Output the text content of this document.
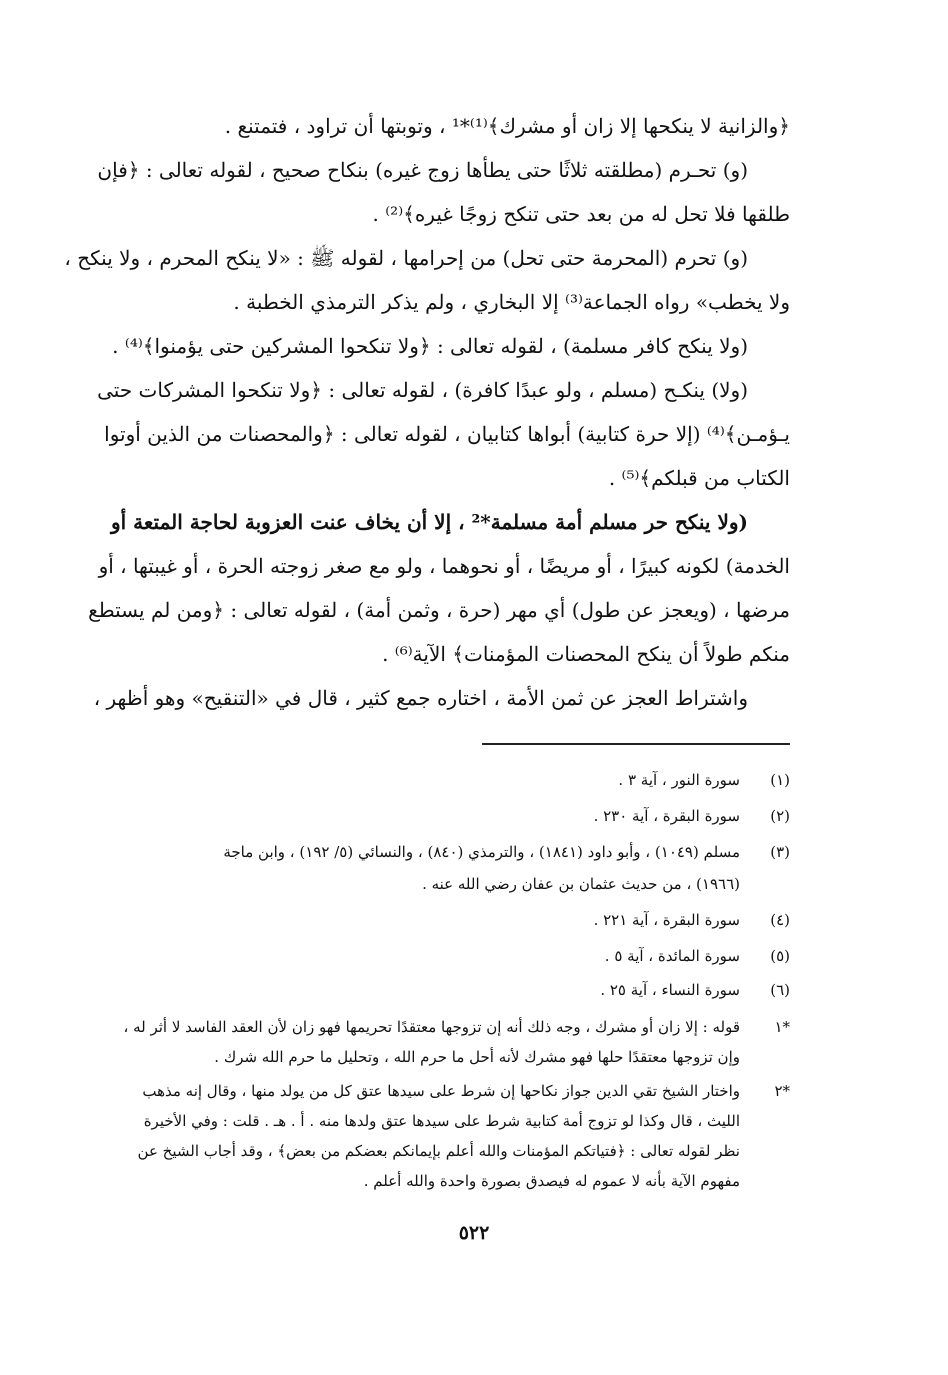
﴿والزانية لا ينكحها إلا زان أو مشرك﴾⁽¹⁾*¹ ، وتوبتها أن تراود ، فتمتنع .
(و) تحـرم (مطلقته ثلاثًا حتى يطأها زوج غيره) بنكاح صحيح ، لقوله تعالى : ﴿فإن
طلقها فلا تحل له من بعد حتى تنكح زوجًا غيره﴾⁽²⁾ .
(و) تحرم (المحرمة حتى تحل) من إحرامها ، لقوله ﷺ : «لا ينكح المحرم ، ولا ينكح ،
ولا يخطب» رواه الجماعة⁽³⁾ إلا البخاري ، ولم يذكر الترمذي الخطبة .
(ولا ينكح كافر مسلمة) ، لقوله تعالى : ﴿ولا تنكحوا المشركين حتى يؤمنوا﴾⁽⁴⁾ .
(ولا) ينكـح (مسلم ، ولو عبدًا كافرة) ، لقوله تعالى : ﴿ولا تنكحوا المشركات حتى
يـؤمـن﴾⁽⁴⁾ (إلا حرة كتابية) أبواها كتابيان ، لقوله تعالى : ﴿والمحصنات من الذين أوتوا
الكتاب من قبلكم﴾⁽⁵⁾ .
(ولا ينكح حر مسلم أمة مسلمة*² ، إلا أن يخاف عنت العزوبة لحاجة المتعة أو
الخدمة) لكونه كبيرًا ، أو مريضًا ، أو نحوهما ، ولو مع صغر زوجته الحرة ، أو غيبتها ، أو
مرضها ، (ويعجز عن طول) أي مهر (حرة ، وثمن أمة) ، لقوله تعالى : ﴿ومن لم يستطع
منكم طولاً أن ينكح المحصنات المؤمنات﴾ الآية⁽⁶⁾ .
واشتراط العجز عن ثمن الأمة ، اختاره جمع كثير ، قال في «التنقيح» وهو أظهر ،
(١)سورة النور ، آية ٣ .
(٢)سورة البقرة ، آية ٢٣٠ .
(٣)مسلم (١٠٤٩) ، وأبو داود (١٨٤١) ، والترمذي (٨٤٠) ، والنسائي (٥/ ١٩٢) ، وابن ماجة
(١٩٦٦) ، من حديث عثمان بن عفان رضي الله عنه .
(٤)سورة البقرة ، آية ٢٢١ .
(٥)سورة المائدة ، آية ٥ .
(٦)سورة النساء ، آية ٢٥ .
*١قوله : إلا زان أو مشرك ، وجه ذلك أنه إن تزوجها معتقدًا تحريمها فهو زان لأن العقد الفاسد لا أثر له ،
وإن تزوجها معتقدًا حلها فهو مشرك لأنه أحل ما حرم الله ، وتحليل ما حرم الله شرك .
*٢واختار الشيخ تقي الدين جواز نكاحها إن شرط على سيدها عتق كل من يولد منها ، وقال إنه مذهب
الليث ، قال وكذا لو تزوج أمة كتابية شرط على سيدها عتق ولدها منه . أ . هـ . قلت : وفي الأخيرة
نظر لقوله تعالى : ﴿فتياتكم المؤمنات والله أعلم بإيمانكم بعضكم من بعض﴾ ، وقد أجاب الشيخ عن
مفهوم الآية بأنه لا عموم له فيصدق بصورة واحدة والله أعلم .
٥٢٢
